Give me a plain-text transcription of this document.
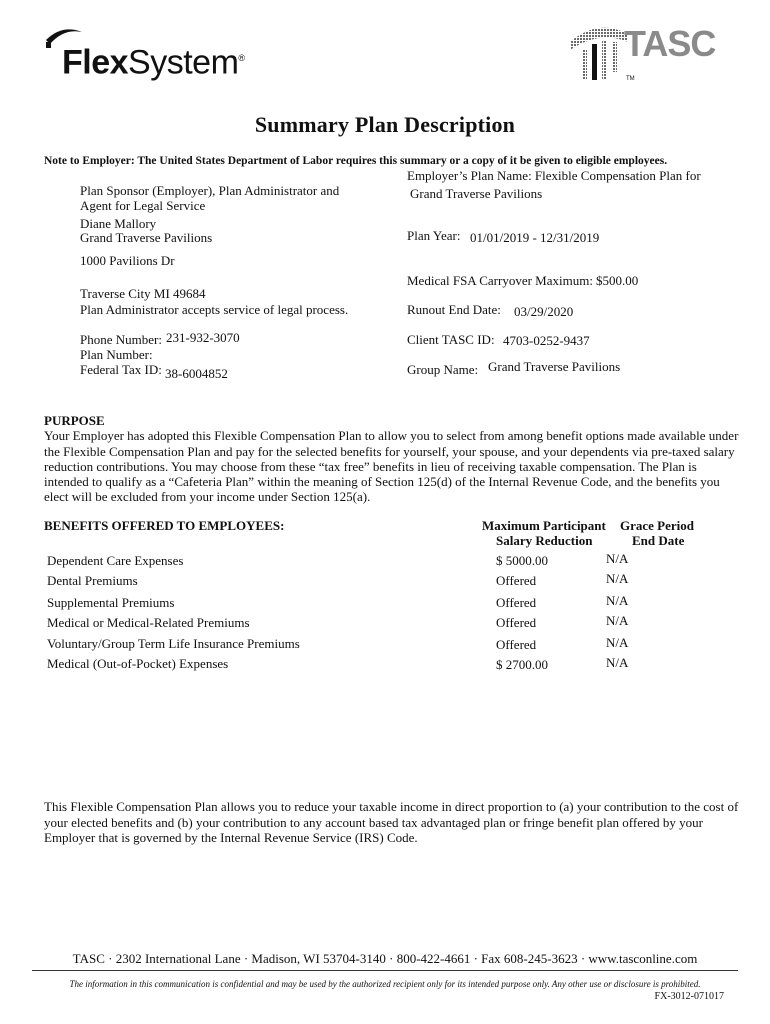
FlexSystem®	TASC
TM
Summary Plan Description
Note to Employer: The United States Department of Labor requires this summary or a copy of it be given to eligible employees.
Plan Sponsor (Employer), Plan Administrator and
Agent for Legal Service
Diane Mallory
Grand Traverse Pavilions
1000 Pavilions Dr
Traverse City MI 49684
Plan Administrator accepts service of legal process.
Phone Number: 231-932-3070
Plan Number:
Federal Tax ID: 38-6004852
Employer’s Plan Name: Flexible Compensation Plan for
Grand Traverse Pavilions
Plan Year: 01/01/2019 - 12/31/2019
Medical FSA Carryover Maximum: $500.00
Runout End Date: 03/29/2020
Client TASC ID: 4703-0252-9437
Group Name: Grand Traverse Pavilions
PURPOSE
Your Employer has adopted this Flexible Compensation Plan to allow you to select from among benefit options made available under
the Flexible Compensation Plan and pay for the selected benefits for yourself, your spouse, and your dependents via pre-taxed salary
reduction contributions. You may choose from these “tax free” benefits in lieu of receiving taxable compensation. The Plan is
intended to qualify as a “Cafeteria Plan” within the meaning of Section 125(d) of the Internal Revenue Code, and the benefits you
elect will be excluded from your income under Section 125(a).
BENEFITS OFFERED TO EMPLOYEES:	Maximum Participant
Salary Reduction
Grace Period
End Date
Dependent Care Expenses	$ 5000.00	N/A
Dental Premiums	Offered	N/A
Supplemental Premiums	Offered	N/A
Medical or Medical-Related Premiums	Offered	N/A
Voluntary/Group Term Life Insurance Premiums	Offered	N/A
Medical (Out-of-Pocket) Expenses	$ 2700.00	N/A
This Flexible Compensation Plan allows you to reduce your taxable income in direct proportion to (a) your contribution to the cost of
your elected benefits and (b) your contribution to any account based tax advantaged plan or fringe benefit plan offered by your
Employer that is governed by the Internal Revenue Service (IRS) Code.
TASC · 2302 International Lane · Madison, WI 53704-3140 · 800-422-4661 · Fax 608-245-3623 · www.tasconline.com
The information in this communication is confidential and may be used by the authorized recipient only for its intended purpose only. Any other use or disclosure is prohibited.
FX-3012-071017
